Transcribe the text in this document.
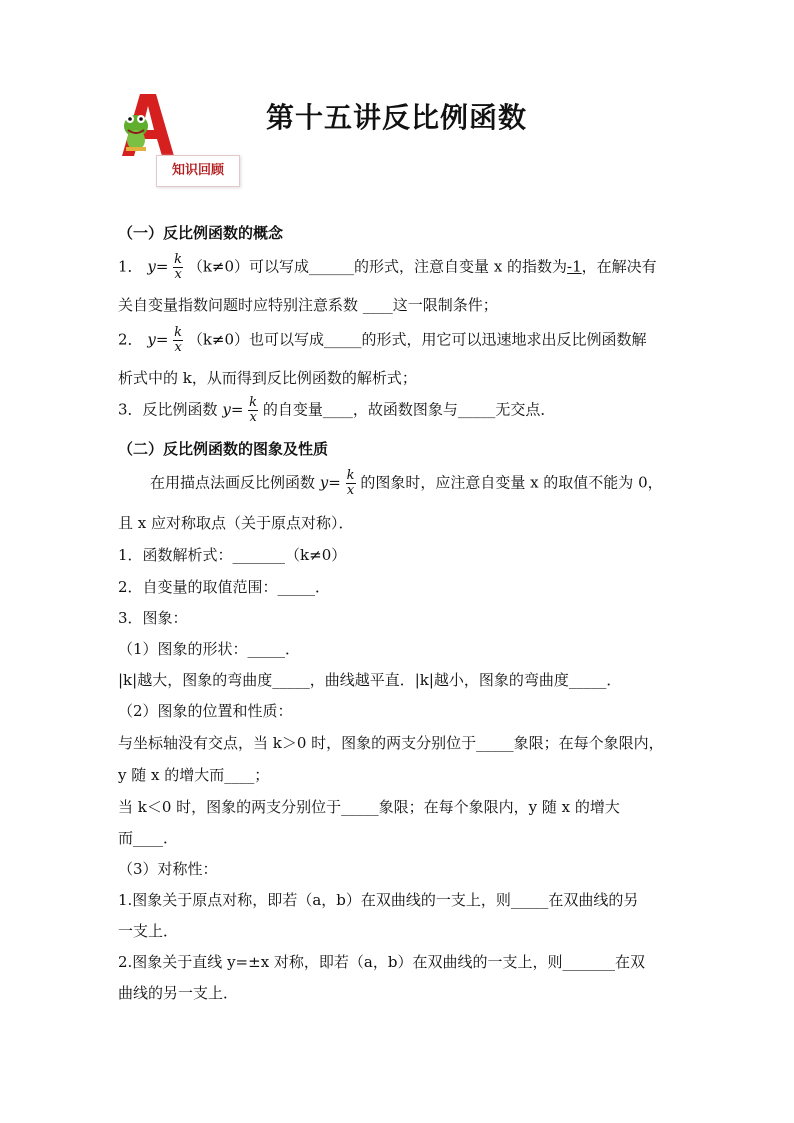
知识回顾
第十五讲反比例函数
（一）反比例函数的概念
1． $y= \frac{k}{x} (k\ne 0)$可以写成______的形式，注意自变量 x 的指数为-1，在解决有
关自变量指数问题时应特别注意系数 ____这一限制条件；
2． $y= \frac{k}{x} (k\ne 0)$也可以写成_____的形式，用它可以迅速地求出反比例函数解
析式中的 k，从而得到反比例函数的解析式；
3．反比例函数 $y= \frac{k}{x}$ 的自变量____，故函数图象与_____无交点．
（二）反比例函数的图象及性质
在用描点法画反比例函数 $y= \frac{k}{x}$ 的图象时，应注意自变量 x 的取值不能为 0，
且 x 应对称取点（关于原点对称）．
1．函数解析式：_______（k≠0）
2．自变量的取值范围：_____．
3．图象：
（1）图象的形状：_____．
|k|越大，图象的弯曲度_____，曲线越平直．|k|越小，图象的弯曲度_____．
（2）图象的位置和性质：
与坐标轴没有交点，当 k＞0 时，图象的两支分别位于_____象限；在每个象限内，
y 随 x 的增大而____；
当 k＜0 时，图象的两支分别位于_____象限；在每个象限内，y 随 x 的增大
而____．
（3）对称性：
1.图象关于原点对称，即若（a，b）在双曲线的一支上，则_____在双曲线的另
一支上．
2.图象关于直线 y=±x 对称，即若（a，b）在双曲线的一支上，则_______在双
曲线的另一支上．
